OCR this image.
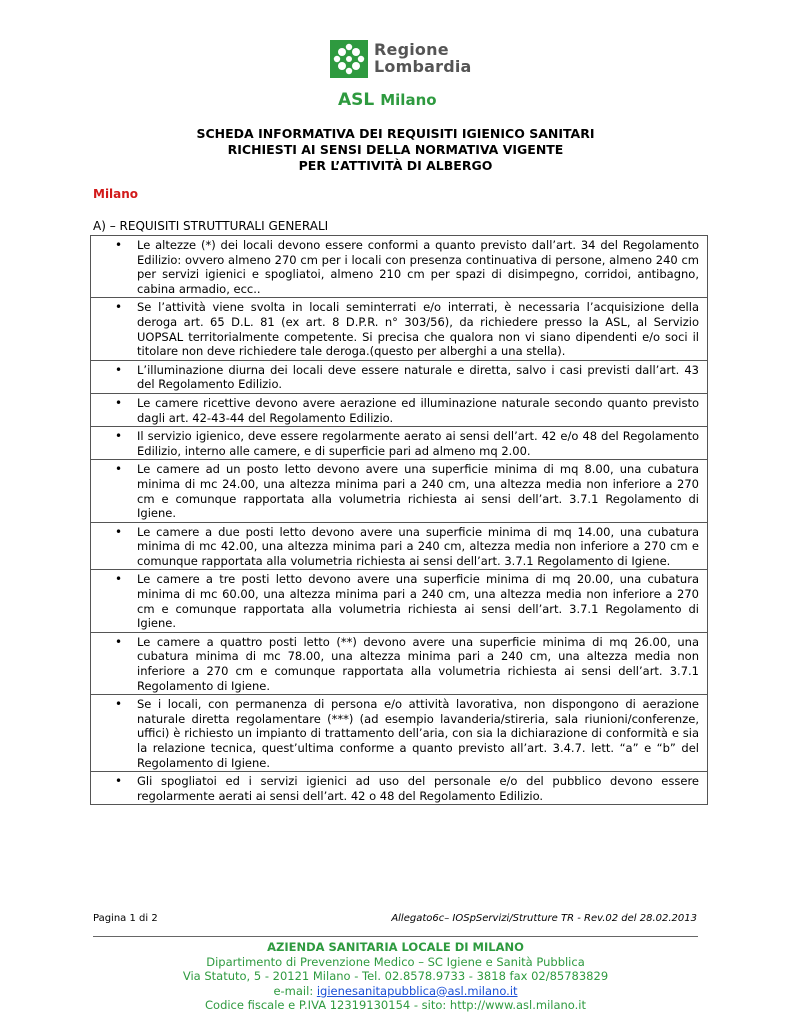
Regione
Lombardia
ASL Milano
SCHEDA INFORMATIVA DEI REQUISITI IGIENICO SANITARI
RICHIESTI AI SENSI DELLA NORMATIVA VIGENTE
PER L’ATTIVITÀ DI ALBERGO
Milano
A) – REQUISITI STRUTTURALI GENERALI
• Le altezze (*) dei locali devono essere conformi a quanto previsto dall’art. 34 del Regolamento Edilizio: ovvero almeno 270 cm per i locali con presenza continuativa di persone, almeno 240 cm per servizi igienici e spogliatoi, almeno 210 cm per spazi di disimpegno, corridoi, antibagno, cabina armadio, ecc..

• Se l’attività viene svolta in locali seminterrati e/o interrati, è necessaria l’acquisizione della deroga art. 65 D.L. 81 (ex art. 8 D.P.R. n° 303/56), da richiedere presso la ASL, al Servizio UOPSAL territorialmente competente. Si precisa che qualora non vi siano dipendenti e/o soci il titolare non deve richiedere tale deroga.(questo per alberghi a una stella).

• L’illuminazione diurna dei locali deve essere naturale e diretta, salvo i casi previsti dall’art. 43 del Regolamento Edilizio.

• Le camere ricettive devono avere aerazione ed illuminazione naturale secondo quanto previsto dagli art. 42-43-44 del Regolamento Edilizio.

• Il servizio igienico, deve essere regolarmente aerato ai sensi dell’art. 42 e/o 48 del Regolamento Edilizio, interno alle camere, e di superficie pari ad almeno mq 2.00.

• Le camere ad un posto letto devono avere una superficie minima di mq 8.00, una cubatura minima di mc 24.00, una altezza minima pari a 240 cm, una altezza media non inferiore a 270 cm e comunque rapportata alla volumetria richiesta ai sensi dell’art. 3.7.1 Regolamento di Igiene.

• Le camere a due posti letto devono avere una superficie minima di mq 14.00, una cubatura minima di mc 42.00, una altezza minima pari a 240 cm, altezza media non inferiore a 270 cm e comunque rapportata alla volumetria richiesta ai sensi dell’art. 3.7.1 Regolamento di Igiene.

• Le camere a tre posti letto devono avere una superficie minima di mq 20.00, una cubatura minima di mc 60.00, una altezza minima pari a 240 cm, una altezza media non inferiore a 270 cm e comunque rapportata alla volumetria richiesta ai sensi dell’art. 3.7.1 Regolamento di Igiene.

• Le camere a quattro posti letto (**) devono avere una superficie minima di mq 26.00, una cubatura minima di mc 78.00, una altezza minima pari a 240 cm, una altezza media non inferiore a 270 cm e comunque rapportata alla volumetria richiesta ai sensi dell’art. 3.7.1 Regolamento di Igiene.

• Se i locali, con permanenza di persona e/o attività lavorativa, non dispongono di aerazione naturale diretta regolamentare (***) (ad esempio lavanderia/stireria, sala riunioni/conferenze, uffici) è richiesto un impianto di trattamento dell’aria, con sia la dichiarazione di conformità e sia la relazione tecnica, quest’ultima conforme a quanto previsto all’art. 3.4.7. lett. “a” e “b” del Regolamento di Igiene.

• Gli spogliatoi ed i servizi igienici ad uso del personale e/o del pubblico devono essere regolarmente aerati ai sensi dell’art. 42 o 48 del Regolamento Edilizio.
Pagina 1 di 2	Allegato6c– IOSpServizi/Strutture TR - Rev.02 del 28.02.2013
AZIENDA SANITARIA LOCALE DI MILANO
Dipartimento di Prevenzione Medico – SC Igiene e Sanità Pubblica
Via Statuto, 5 - 20121 Milano - Tel. 02.8578.9733 - 3818 fax 02/85783829
e-mail: igienesanitapubblica@asl.milano.it
Codice fiscale e P.IVA 12319130154 - sito: http://www.asl.milano.it
